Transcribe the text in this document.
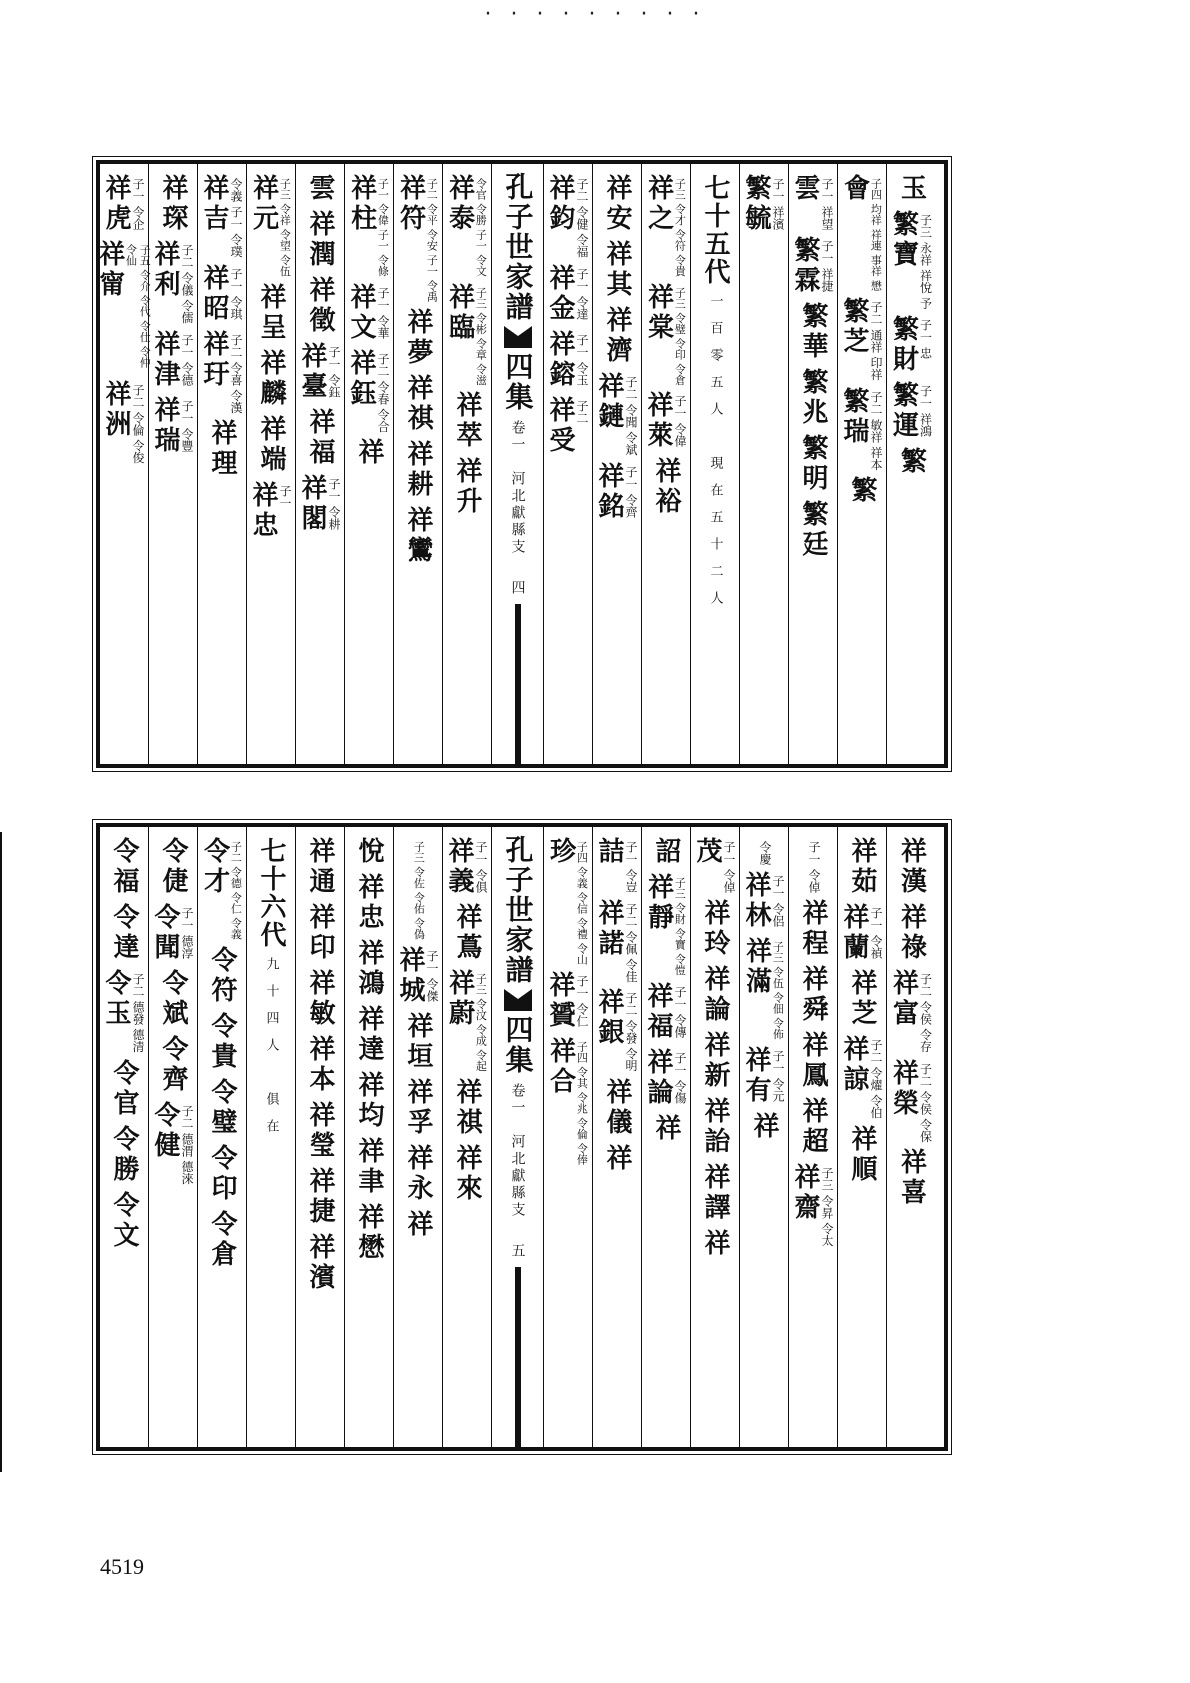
· · · · · · · · ·
祥泰 令官 令勝 子一 令文
祥臨 子三 令彬 令章 令滋
祥萃
祥升
祥符 子二 令平 令安 子一 令禹
祥夢
祥祺
祥耕
祥鸞
祥柱 子一 令偉 子一 令條
祥文 子一 令華
祥鈺 子二 令春 令合
祥
雲
祥潤
祥徵
祥臺 子一 令鈺
祥福
祥閣 子一 令耕
祥元 子三 令祥 令望 令伍
祥呈
祥麟
祥端
祥忠 子一
祥吉 令義 子一 令璞
祥昭 子一 令琪
祥玗 子二 令喜 令漢
祥理
祥琛
祥利 子二 令儀 令儒
祥津 子一 令德
祥瑞 子一 令豐
祥虎 子一 令企
祥甯	子五 令介 令代 令仕 令仲 令仙
祥洲 子二 令倫 令俊
孔子世家譜
四集
卷一　河北獻縣支
四
玉
繁寶 子三 永祥 祥悅 予
繁財 子一 忠
繁運 子一 祥鴻
繁
會 子四 均祥 祥連 事祥 懋
繁芝 子二 通祥 印祥
繁瑞 子二 敏祥 祥本
繁
雲 子一 祥望
繁霖 子一 祥捷
繁華
繁兆
繁明
繁廷
繁毓 子一 祥濱
七十五代
一百零五人　現在五十二人
祥之 子三 令才 令符 令貴
祥棠 子三 令璧 令印 令倉
祥萊 子一 令偉
祥裕
祥安
祥其
祥濟
祥鏈 子二 令聞 令斌
祥銘 子一 令齊
祥鈞 子二 令健 令福
祥金 子一 令達
祥鎔 子一 令玉
祥受 子二
祥義 子一 令俱
祥蔦
祥蔚 子三 令汶 令成 令起
祥祺
祥來
子三 令佐 令佑 令偽
祥城 子一 令傑
祥垣
祥孚
祥永
祥
悅
祥忠
祥鴻
祥達
祥均
祥聿
祥懋
祥通
祥印
祥敏
祥本
祥瑩
祥捷
祥濱
七十六代
九十四人　俱在
令才 子二 令德 令仁 令義
令符
令貴
令璧
令印
令倉
令倢
令聞 子一 德淳
令斌
令齊
令健 子二 德渭 德淶
令福
令達
令玉 子二 德發 德清
令官
令勝
令文
孔子世家譜
四集
卷一　河北獻縣支
五
祥漢
祥祿
祥富 子二 令侯 令存
祥榮 子二 令侯 令保
祥喜
祥茹
祥蘭 子一 令禎
祥芝
祥諒 子二 令燿 令伯
祥順
子一 令倬
祥程
祥舜
祥鳳
祥超
祥齋 子三 令昇 令太
令慶
祥林 子一 令侶
祥滿 子三 令伍 令佃 令佈
祥有 子一 令元
祥
茂 子一 令倬
祥玲
祥論
祥新
祥詒
祥譯
祥
詔
祥靜 子三 令財 令寶 令愷
祥福 子一 令傳
祥論 子一 令傷
祥
詰 子一 令豈
祥諾 子二 令佩 令佳
祥銀 子二 令發 令明
祥儀
祥
珍 子四 令義 令信 令禮 令山
祥贇 子一 令仁
祥合 子四 令其 令兆 令倫 令俸
4519
